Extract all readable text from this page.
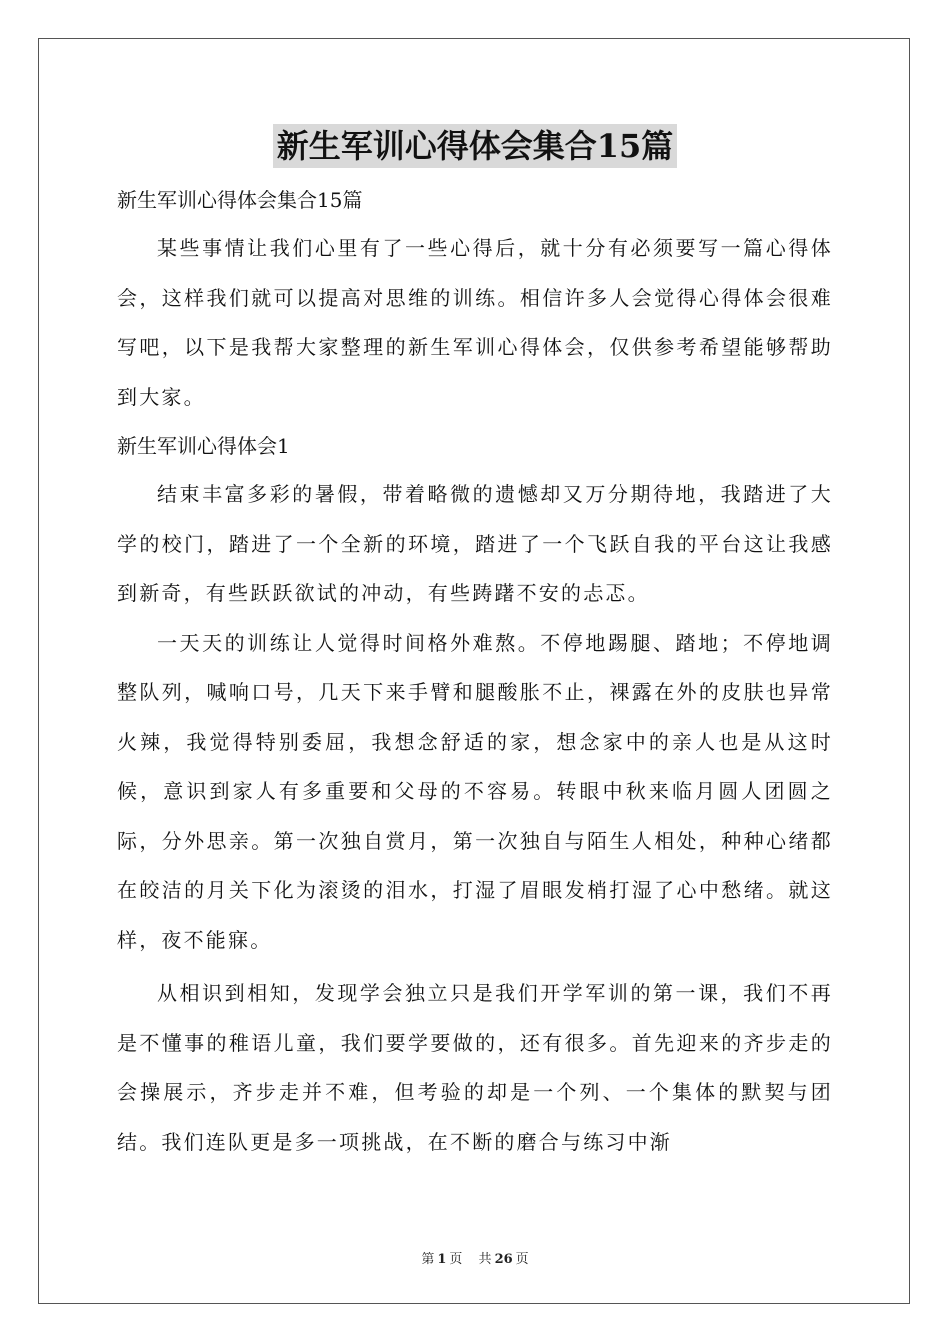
新生军训心得体会集合15篇

新生军训心得体会集合15篇

某些事情让我们心里有了一些心得后，就十分有必须要写一篇心得体会，这样我们就可以提高对思维的训练。相信许多人会觉得心得体会很难写吧，以下是我帮大家整理的新生军训心得体会，仅供参考希望能够帮助到大家。

新生军训心得体会1

结束丰富多彩的暑假，带着略微的遗憾却又万分期待地，我踏进了大学的校门，踏进了一个全新的环境，踏进了一个飞跃自我的平台这让我感到新奇，有些跃跃欲试的冲动，有些踌躇不安的忐忑。

一天天的训练让人觉得时间格外难熬。不停地踢腿、踏地；不停地调整队列，喊响口号，几天下来手臂和腿酸胀不止，裸露在外的皮肤也异常火辣，我觉得特别委屈，我想念舒适的家，想念家中的亲人也是从这时候，意识到家人有多重要和父母的不容易。转眼中秋来临月圆人团圆之际，分外思亲。第一次独自赏月，第一次独自与陌生人相处，种种心绪都在皎洁的月关下化为滚烫的泪水，打湿了眉眼发梢打湿了心中愁绪。就这样，夜不能寐。

从相识到相知，发现学会独立只是我们开学军训的第一课，我们不再是不懂事的稚语儿童，我们要学要做的，还有很多。首先迎来的齐步走的会操展示，齐步走并不难，但考验的却是一个列、一个集体的默契与团结。我们连队更是多一项挑战，在不断的磨合与练习中渐

第 1 页 共 26 页
